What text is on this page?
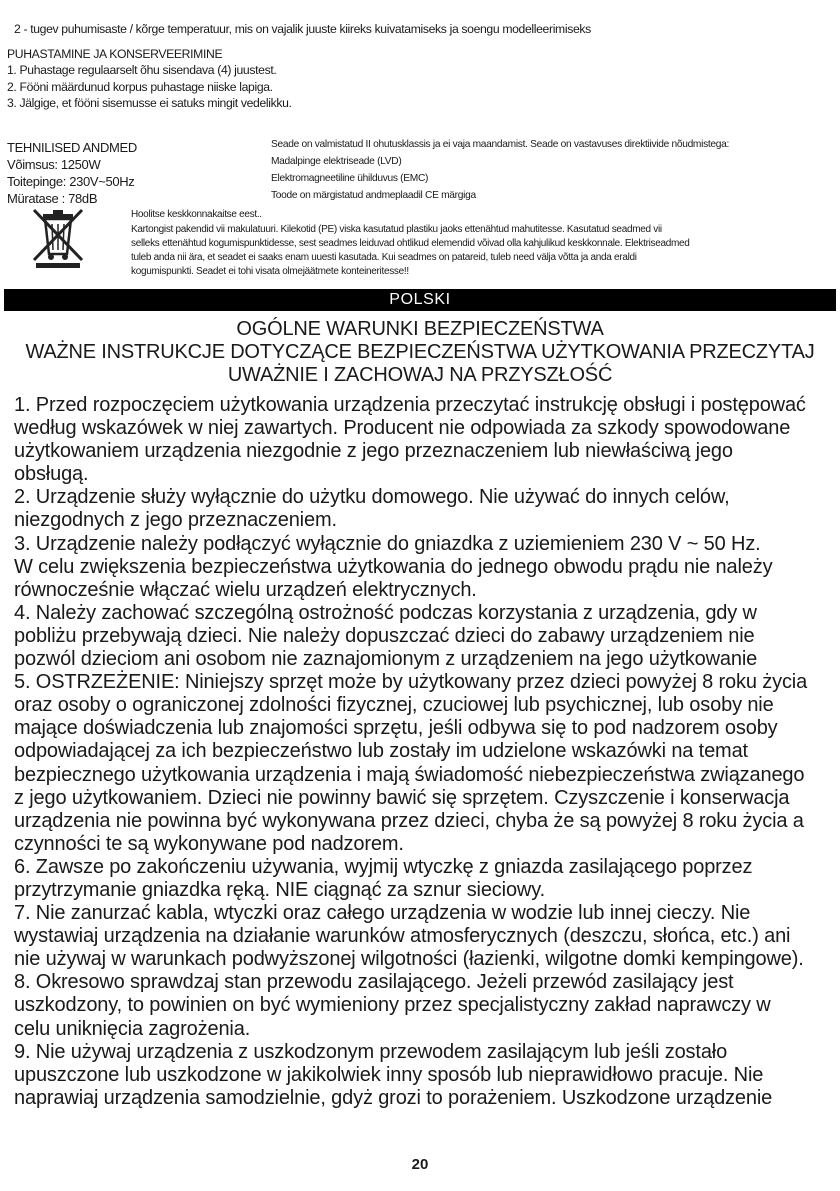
2 - tugev puhumisaste / kõrge temperatuur, mis on vajalik juuste kiireks kuivatamiseks ja soengu modelleerimiseks
PUHASTAMINE JA KONSERVEERIMINE
1. Puhastage regulaarselt õhu sisendava (4) juustest.
2. Fööni määrdunud korpus puhastage niiske lapiga.
3. Jälgige, et fööni sisemusse ei satuks mingit vedelikku.
TEHNILISED ANDMED
Võimsus: 1250W
Toitepinge: 230V~50Hz
Müratase : 78dB
Seade on valmistatud II ohutusklassis ja ei vaja maandamist. Seade on vastavuses direktiivide nõudmistega:
Madalpinge elektriseade (LVD)
Elektromagneetiline ühilduvus (EMC)
Toode on märgistatud andmeplaadil CE märgiga
Hoolitse keskkonnakaitse eest..
Kartongist pakendid vii makulatuuri. Kilekotid (PE) viska kasutatud plastiku jaoks ettenähtud mahutitesse. Kasutatud seadmed vii
selleks ettenähtud kogumispunktidesse, sest seadmes leiduvad ohtlikud elemendid võivad olla kahjulikud keskkonnale. Elektriseadmed
tuleb anda nii ära, et seadet ei saaks enam uuesti kasutada. Kui seadmes on patareid, tuleb need välja võtta ja anda eraldi
kogumispunkti. Seadet ei tohi visata olmejäätmete konteineritesse!!
POLSKI
OGÓLNE WARUNKI BEZPIECZEŃSTWA
WAŻNE INSTRUKCJE DOTYCZĄCE BEZPIECZEŃSTWA UŻYTKOWANIA PRZECZYTAJ
UWAŻNIE I ZACHOWAJ NA PRZYSZŁOŚĆ

1. Przed rozpoczęciem użytkowania urządzenia przeczytać instrukcję obsługi i postępować

według wskazówek w niej zawartych. Producent nie odpowiada za szkody spowodowane

użytkowaniem urządzenia niezgodnie z jego przeznaczeniem lub niewłaściwą jego

obsługą.

2. Urządzenie służy wyłącznie do użytku domowego. Nie używać do innych celów,

niezgodnych z jego przeznaczeniem.

3. Urządzenie należy podłączyć wyłącznie do gniazdka z uziemieniem 230 V ~ 50 Hz.

W celu zwiększenia bezpieczeństwa użytkowania do jednego obwodu prądu nie należy

równocześnie włączać wielu urządzeń elektrycznych.

4. Należy zachować szczególną ostrożność podczas korzystania z urządzenia, gdy w

pobliżu przebywają dzieci. Nie należy dopuszczać dzieci do zabawy urządzeniem nie

pozwól dzieciom ani osobom nie zaznajomionym z urządzeniem na jego użytkowanie

5. OSTRZEŻENIE: Niniejszy sprzęt może by użytkowany przez dzieci powyżej 8 roku życia

oraz osoby o ograniczonej zdolności fizycznej, czuciowej lub psychicznej, lub osoby nie

mające doświadczenia lub znajomości sprzętu, jeśli odbywa się to pod nadzorem osoby

odpowiadającej za ich bezpieczeństwo lub zostały im udzielone wskazówki na temat

bezpiecznego użytkowania urządzenia i mają świadomość niebezpieczeństwa związanego

z jego użytkowaniem. Dzieci nie powinny bawić się sprzętem. Czyszczenie i konserwacja

urządzenia nie powinna być wykonywana przez dzieci, chyba że są powyżej 8 roku życia a

czynności te są wykonywane pod nadzorem.

6. Zawsze po zakończeniu używania, wyjmij wtyczkę z gniazda zasilającego poprzez

przytrzymanie gniazdka ręką. NIE ciągnąć za sznur sieciowy.

7. Nie zanurzać kabla, wtyczki oraz całego urządzenia w wodzie lub innej cieczy. Nie

wystawiaj urządzenia na działanie warunków atmosferycznych (deszczu, słońca, etc.) ani

nie używaj w warunkach podwyższonej wilgotności (łazienki, wilgotne domki kempingowe).

8. Okresowo sprawdzaj stan przewodu zasilającego. Jeżeli przewód zasilający jest

uszkodzony, to powinien on być wymieniony przez specjalistyczny zakład naprawczy w

celu uniknięcia zagrożenia.

9. Nie używaj urządzenia z uszkodzonym przewodem zasilającym lub jeśli zostało

upuszczone lub uszkodzone w jakikolwiek inny sposób lub nieprawidłowo pracuje. Nie

naprawiaj urządzenia samodzielnie, gdyż grozi to porażeniem. Uszkodzone urządzenie

20
